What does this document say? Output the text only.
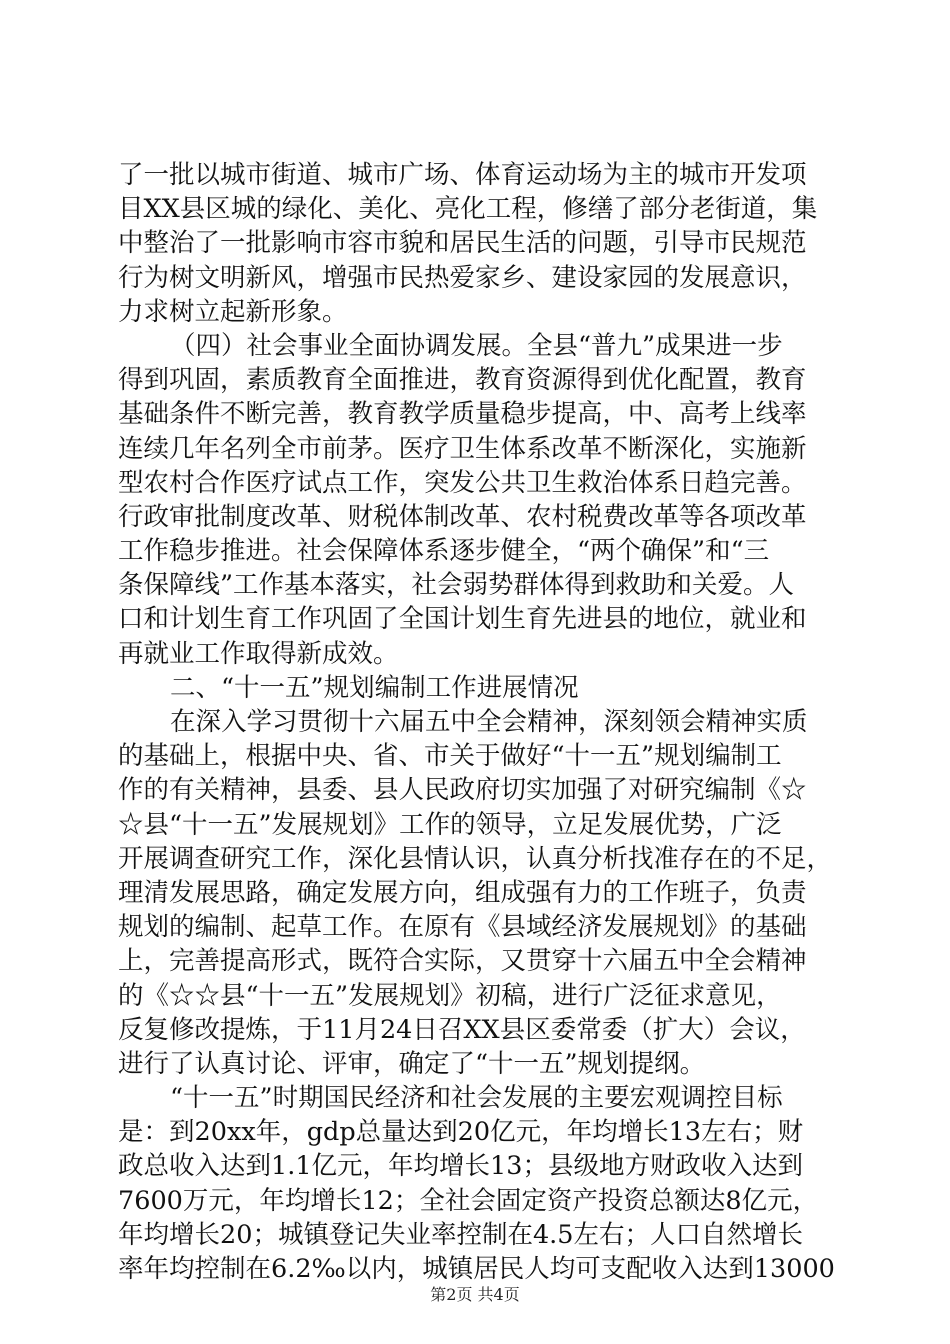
了一批以城市街道、城市广场、体育运动场为主的城市开发项
目XX县区城的绿化、美化、亮化工程，修缮了部分老街道，集
中整治了一批影响市容市貌和居民生活的问题，引导市民规范
行为树文明新风，增强市民热爱家乡、建设家园的发展意识，
力求树立起新形象。
（四）社会事业全面协调发展。全县“普九”成果进一步
得到巩固，素质教育全面推进，教育资源得到优化配置，教育
基础条件不断完善，教育教学质量稳步提高，中、高考上线率
连续几年名列全市前茅。医疗卫生体系改革不断深化，实施新
型农村合作医疗试点工作，突发公共卫生救治体系日趋完善。
行政审批制度改革、财税体制改革、农村税费改革等各项改革
工作稳步推进。社会保障体系逐步健全，“两个确保”和“三
条保障线”工作基本落实，社会弱势群体得到救助和关爱。人
口和计划生育工作巩固了全国计划生育先进县的地位，就业和
再就业工作取得新成效。
二、“十一五”规划编制工作进展情况
在深入学习贯彻十六届五中全会精神，深刻领会精神实质
的基础上，根据中央、省、市关于做好“十一五”规划编制工
作的有关精神，县委、县人民政府切实加强了对研究编制《☆
☆县“十一五”发展规划》工作的领导，立足发展优势，广泛
开展调查研究工作，深化县情认识，认真分析找准存在的不足，
理清发展思路，确定发展方向，组成强有力的工作班子，负责
规划的编制、起草工作。在原有《县域经济发展规划》的基础
上，完善提高形式，既符合实际，又贯穿十六届五中全会精神
的《☆☆县“十一五”发展规划》初稿，进行广泛征求意见，
反复修改提炼，于11月24日召XX县区委常委（扩大）会议，
进行了认真讨论、评审，确定了“十一五”规划提纲。
“十一五”时期国民经济和社会发展的主要宏观调控目标
是：到20xx年，gdp总量达到20亿元，年均增长13左右；财
政总收入达到1.1亿元，年均增长13；县级地方财政收入达到
7600万元，年均增长12；全社会固定资产投资总额达8亿元，
年均增长20；城镇登记失业率控制在4.5左右；人口自然增长
率年均控制在6.2‰以内，城镇居民人均可支配收入达到13000
第2页 共4页
